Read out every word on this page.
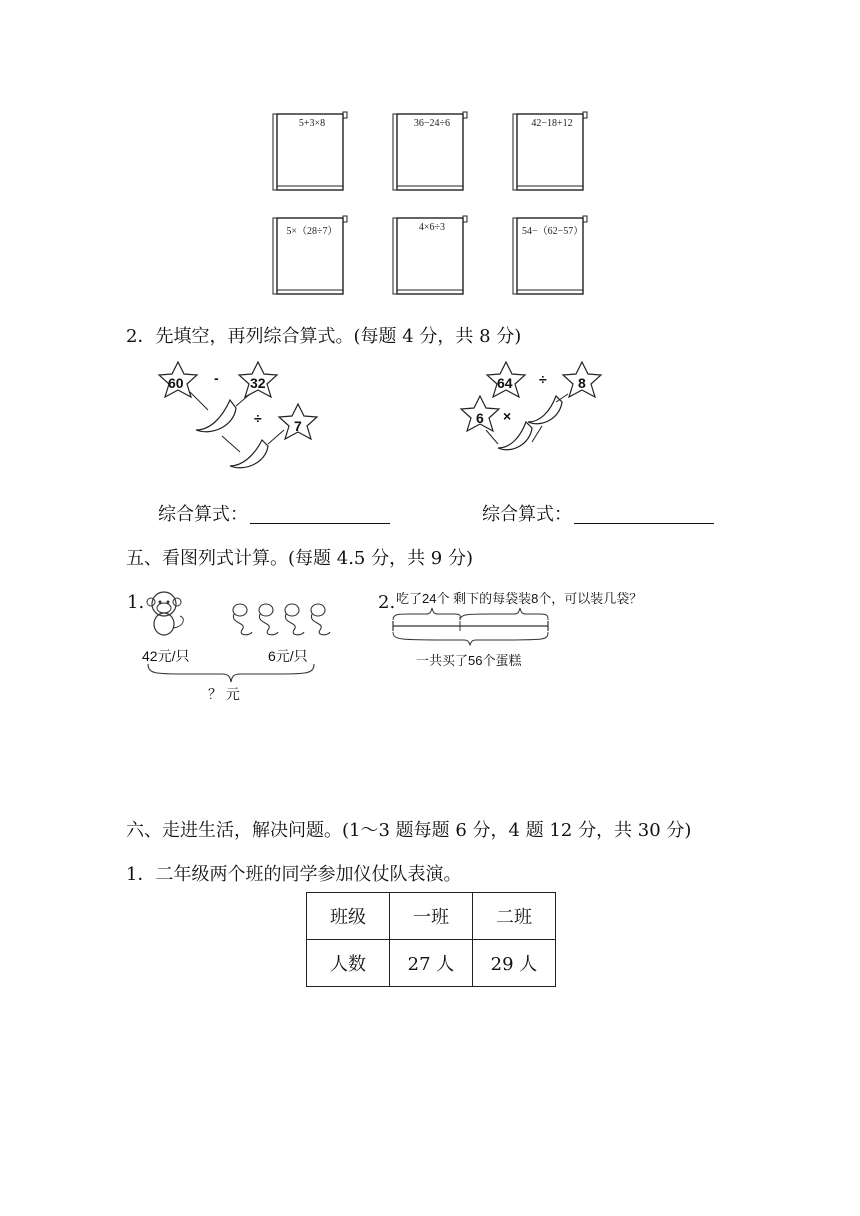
5+3×8	36−24÷6	42−18+12
5×（28÷7）	4×6÷3	54−（62−57）
2．先填空，再列综合算式。(每题 4 分，共 8 分)
60 - 32
÷ 7
64 ÷ 8
6 ×
综合算式：	综合算式：
五、看图列式计算。(每题 4.5 分，共 9 分)
1.
42元/只	6元/只
？ 元
2. 吃了24个 剩下的每袋装8个，可以装几袋？
一共买了56个蛋糕
六、走进生活，解决问题。(1～3 题每题 6 分，4 题 12 分，共 30 分)
1．二年级两个班的同学参加仪仗队表演。
班级	一班	二班
人数	27 人	29 人
